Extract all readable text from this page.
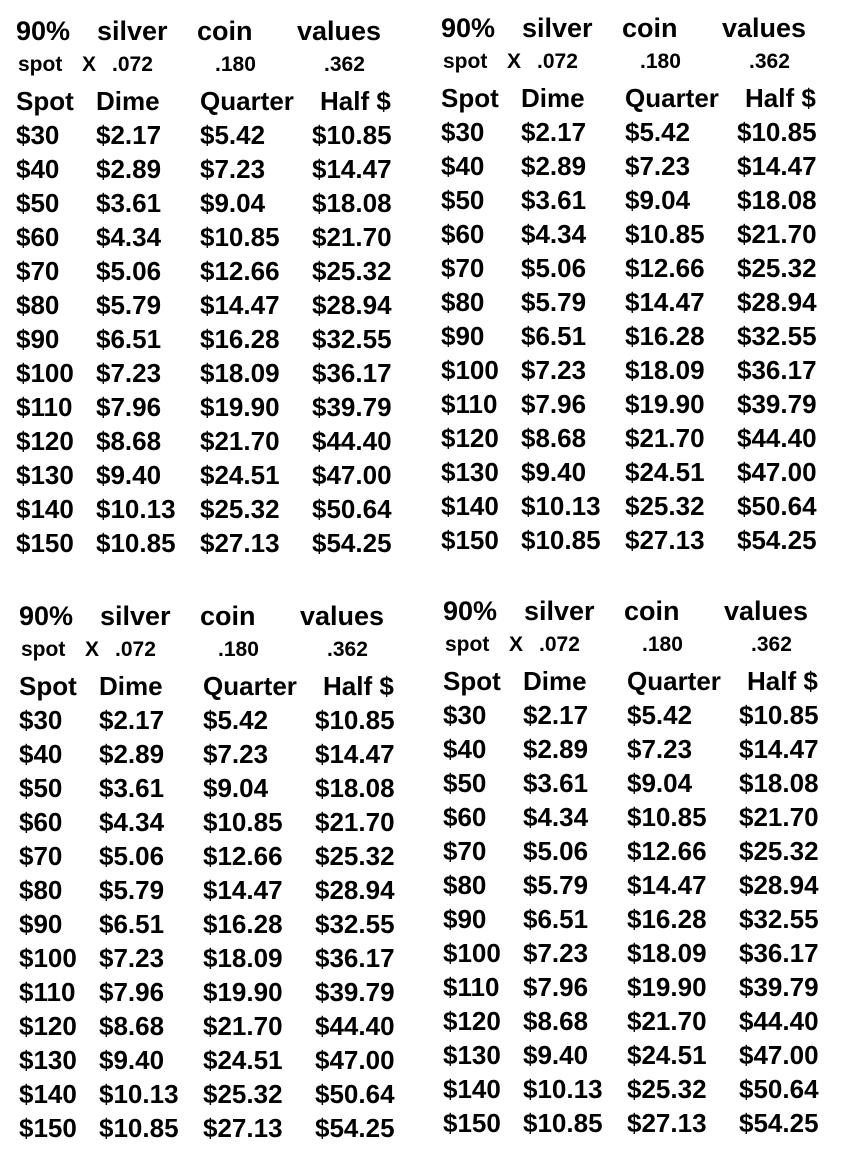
90% silver coin values
spot X .072	.180	.362
Spot Dime Quarter Half $
$30 $2.17 $5.42 $10.85
$40 $2.89 $7.23 $14.47
$50 $3.61 $9.04 $18.08
$60 $4.34 $10.85 $21.70
$70 $5.06 $12.66 $25.32
$80 $5.79 $14.47 $28.94
$90 $6.51 $16.28 $32.55
$100 $7.23 $18.09 $36.17
$110 $7.96 $19.90 $39.79
$120 $8.68 $21.70 $44.40
$130 $9.40 $24.51 $47.00
$140 $10.13 $25.32 $50.64
$150 $10.85 $27.13 $54.25
90% silver coin values
spot X .072	.180	.362
Spot Dime Quarter Half $
$30 $2.17 $5.42 $10.85
$40 $2.89 $7.23 $14.47
$50 $3.61 $9.04 $18.08
$60 $4.34 $10.85 $21.70
$70 $5.06 $12.66 $25.32
$80 $5.79 $14.47 $28.94
$90 $6.51 $16.28 $32.55
$100 $7.23 $18.09 $36.17
$110 $7.96 $19.90 $39.79
$120 $8.68 $21.70 $44.40
$130 $9.40 $24.51 $47.00
$140 $10.13 $25.32 $50.64
$150 $10.85 $27.13 $54.25
90% silver coin values
spot X .072	.180	.362
Spot Dime Quarter Half $
$30 $2.17 $5.42 $10.85
$40 $2.89 $7.23 $14.47
$50 $3.61 $9.04 $18.08
$60 $4.34 $10.85 $21.70
$70 $5.06 $12.66 $25.32
$80 $5.79 $14.47 $28.94
$90 $6.51 $16.28 $32.55
$100 $7.23 $18.09 $36.17
$110 $7.96 $19.90 $39.79
$120 $8.68 $21.70 $44.40
$130 $9.40 $24.51 $47.00
$140 $10.13 $25.32 $50.64
$150 $10.85 $27.13 $54.25
90% silver coin values
spot X .072	.180	.362
Spot Dime Quarter Half $
$30 $2.17 $5.42 $10.85
$40 $2.89 $7.23 $14.47
$50 $3.61 $9.04 $18.08
$60 $4.34 $10.85 $21.70
$70 $5.06 $12.66 $25.32
$80 $5.79 $14.47 $28.94
$90 $6.51 $16.28 $32.55
$100 $7.23 $18.09 $36.17
$110 $7.96 $19.90 $39.79
$120 $8.68 $21.70 $44.40
$130 $9.40 $24.51 $47.00
$140 $10.13 $25.32 $50.64
$150 $10.85 $27.13 $54.25
